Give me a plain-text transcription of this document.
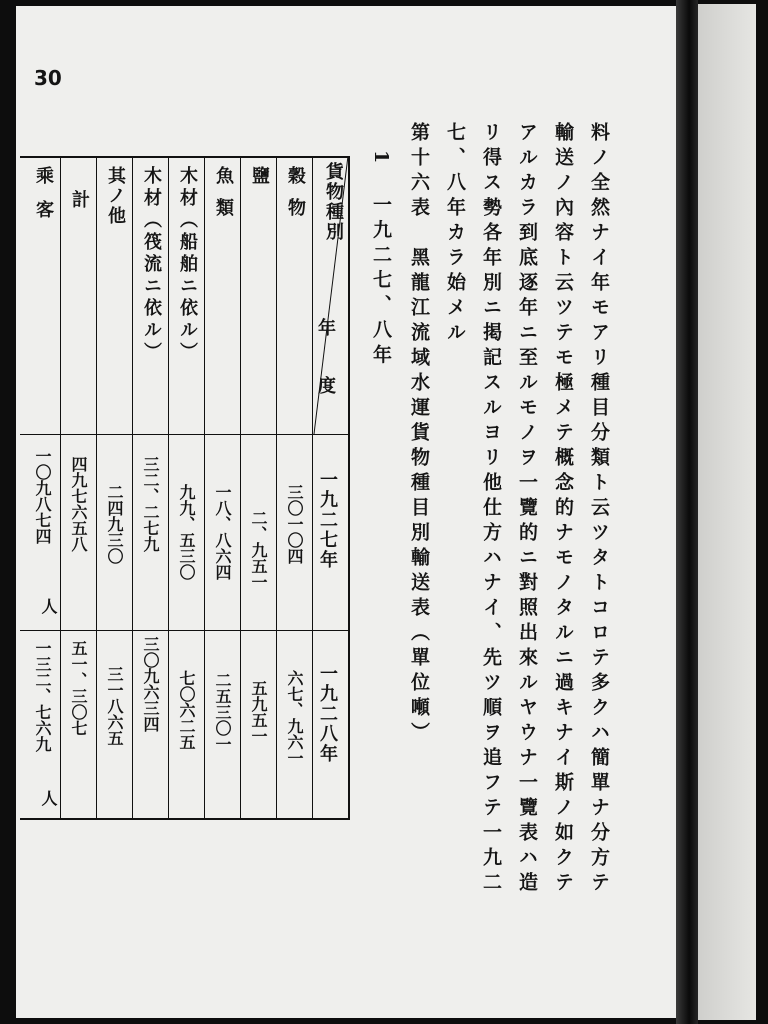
30
料ノ全然ナイ年モアリ種目分類ト云ツタトコロテ多クハ簡單ナ分方テ
輸送ノ內容ト云ツテモ極メテ概念的ナモノタルニ過キナイ斯ノ如クテ
アルカラ到底逐年ニ至ルモノヲ一覽的ニ對照出來ルヤウナ一覽表ハ造
リ得ス勢各年別ニ掲記スルヨリ他仕方ハナイ、先ツ順ヲ追フテ一九二
七、八年カラ始メル
第十六表　黑龍江流域水運貨物種目別輸送表（單位噸）
1　一九二七、八年
貨物種別
年度
穀物
鹽
魚類
木材（船舶ニ依ル）
木材（筏流ニ依ル）
其ノ他
計
乘客
一九二七年
三〇一〇四
二、九五一
一八、八六四
九九、五三〇
三二、二七九
二四九三〇
四九七六五八
一〇九八七四
人
一九二八年
六七、九六一
五九五一
二五三〇一
七〇六二五
三〇九六三四
三一八六五
五一、三〇七
一三二、七六九
人
